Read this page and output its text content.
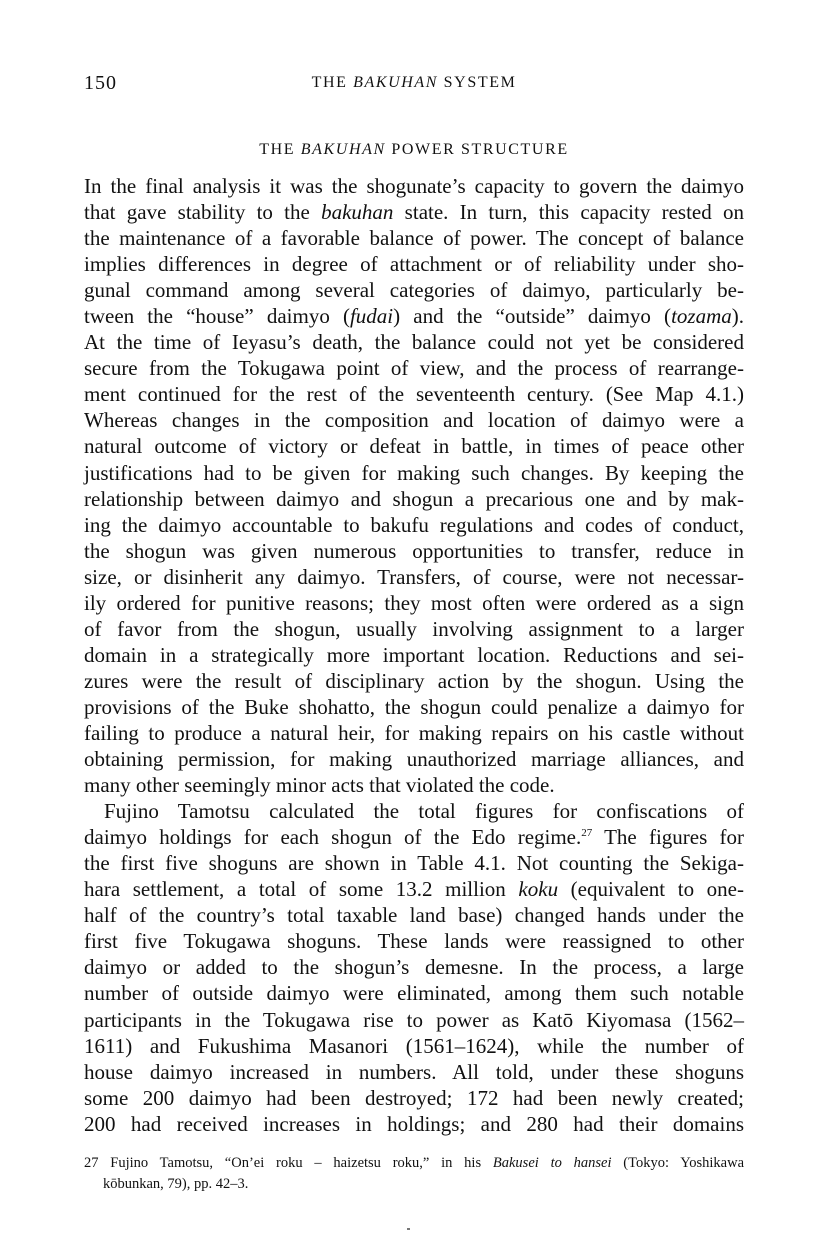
150	THE BAKUHAN SYSTEM
THE BAKUHAN POWER STRUCTURE
In the final analysis it was the shogunate’s capacity to govern the daimyo
that gave stability to the bakuhan state. In turn, this capacity rested on
the maintenance of a favorable balance of power. The concept of balance
implies differences in degree of attachment or of reliability under sho-
gunal command among several categories of daimyo, particularly be-
tween the “house” daimyo (fudai) and the “outside” daimyo (tozama).
At the time of Ieyasu’s death, the balance could not yet be considered
secure from the Tokugawa point of view, and the process of rearrange-
ment continued for the rest of the seventeenth century. (See Map 4.1.)
Whereas changes in the composition and location of daimyo were a
natural outcome of victory or defeat in battle, in times of peace other
justifications had to be given for making such changes. By keeping the
relationship between daimyo and shogun a precarious one and by mak-
ing the daimyo accountable to bakufu regulations and codes of conduct,
the shogun was given numerous opportunities to transfer, reduce in
size, or disinherit any daimyo. Transfers, of course, were not necessar-
ily ordered for punitive reasons; they most often were ordered as a sign
of favor from the shogun, usually involving assignment to a larger
domain in a strategically more important location. Reductions and sei-
zures were the result of disciplinary action by the shogun. Using the
provisions of the Buke shohatto, the shogun could penalize a daimyo for
failing to produce a natural heir, for making repairs on his castle without
obtaining permission, for making unauthorized marriage alliances, and
many other seemingly minor acts that violated the code.
Fujino Tamotsu calculated the total figures for confiscations of
daimyo holdings for each shogun of the Edo regime.$^{27}$ The figures for
the first five shoguns are shown in Table 4.1. Not counting the Sekiga-
hara settlement, a total of some 13.2 million koku (equivalent to one-
half of the country’s total taxable land base) changed hands under the
first five Tokugawa shoguns. These lands were reassigned to other
daimyo or added to the shogun’s demesne. In the process, a large
number of outside daimyo were eliminated, among them such notable
participants in the Tokugawa rise to power as Katō Kiyomasa (1562–
1611) and Fukushima Masanori (1561–1624), while the number of
house daimyo increased in numbers. All told, under these shoguns
some 200 daimyo had been destroyed; 172 had been newly created;
200 had received increases in holdings; and 280 had their domains
27 Fujino Tamotsu, “On’ei roku – haizetsu roku,” in his Bakusei to hansei (Tokyo: Yoshikawa
kōbunkan, 79), pp. 42–3.
